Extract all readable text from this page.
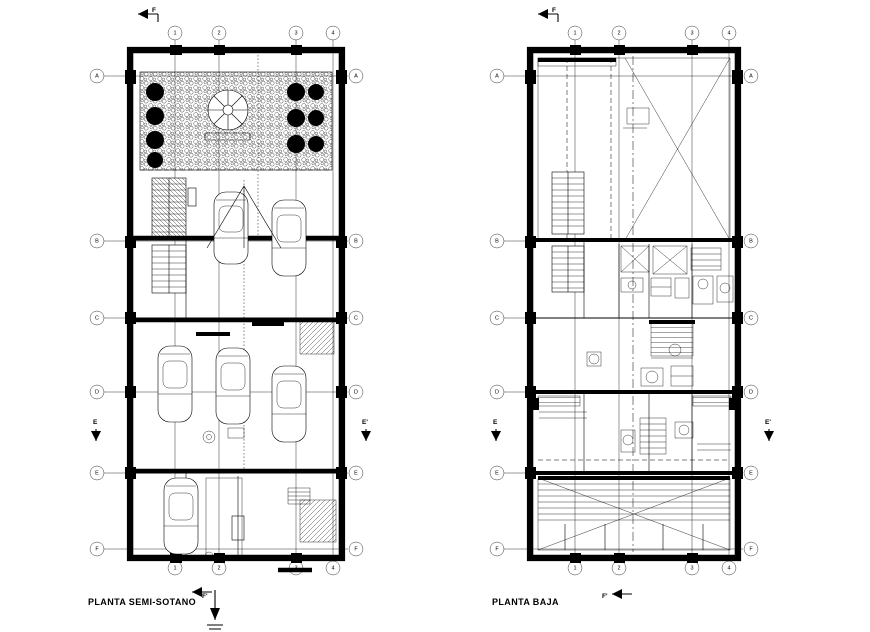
1	2	3	4
1	2	4
A
B
C
D
E
F
A
B
C
D
E
F
F
F'
E	E'
1	2	3	4
1	2	3	4
A
B
C
D
E
F
A
B
C
D
E
F
F
F'
E	E'
PLANTA SEMI-SOTANO	PLANTA BAJA
